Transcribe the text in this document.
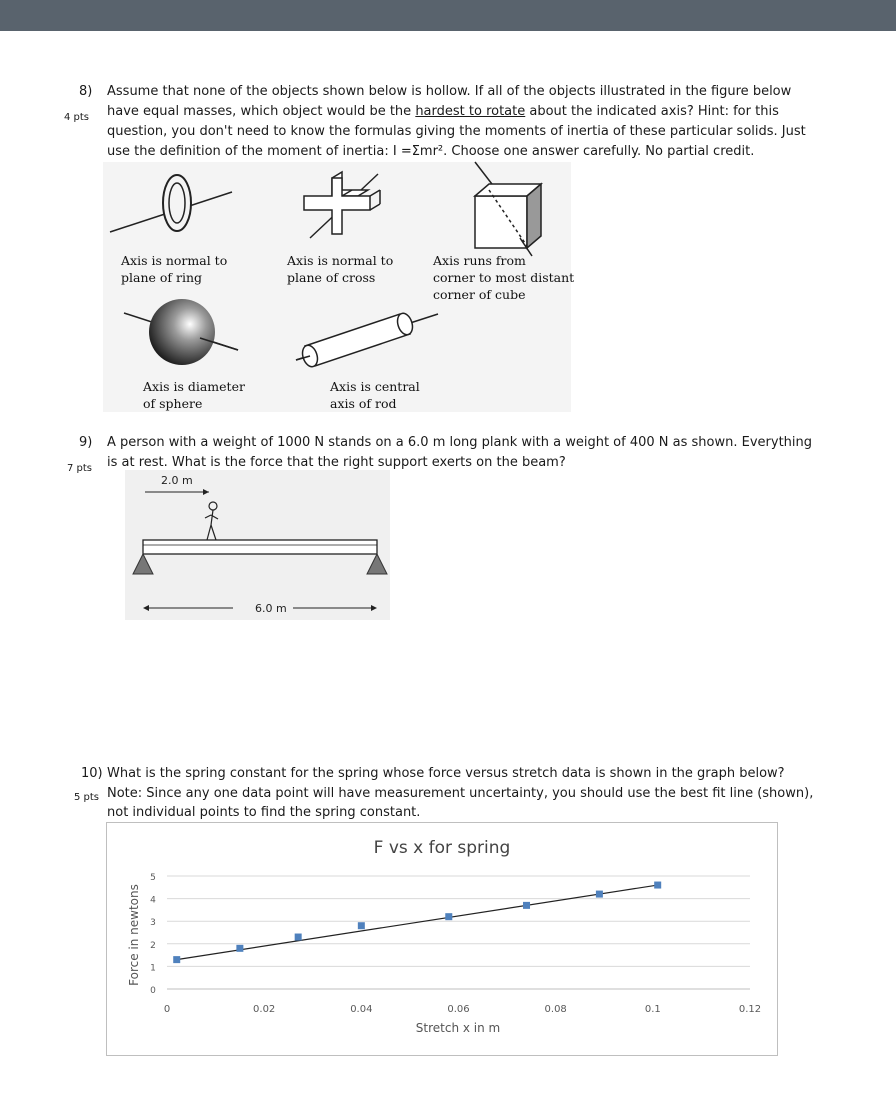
8)
4 pts
Assume that none of the objects shown below is hollow. If all of the objects illustrated in the figure below
have equal masses, which object would be the hardest to rotate about the indicated axis? Hint: for this
question, you don't need to know the formulas giving the moments of inertia of these particular solids. Just
use the definition of the moment of inertia: I =Σmr². Choose one answer carefully. No partial credit.
Axis is normal to
plane of ring
Axis is normal to
plane of cross
Axis runs from
corner to most distant
corner of cube
Axis is diameter
of sphere
Axis is central
axis of rod
9)
7 pts
A person with a weight of 1000 N stands on a 6.0 m long plank with a weight of 400 N as shown. Everything
is at rest. What is the force that the right support exerts on the beam?
2.0 m
6.0 m
10)
5 pts
What is the spring constant for the spring whose force versus stretch data is shown in the graph below?
Note: Since any one data point will have measurement uncertainty, you should use the best fit line (shown),
not individual points to find the spring constant.
F vs x for spring
0
1
2
3
4
5
0	0.02	0.04	0.06	0.08	0.1	0.12
Stretch x in m
Force in newtons
